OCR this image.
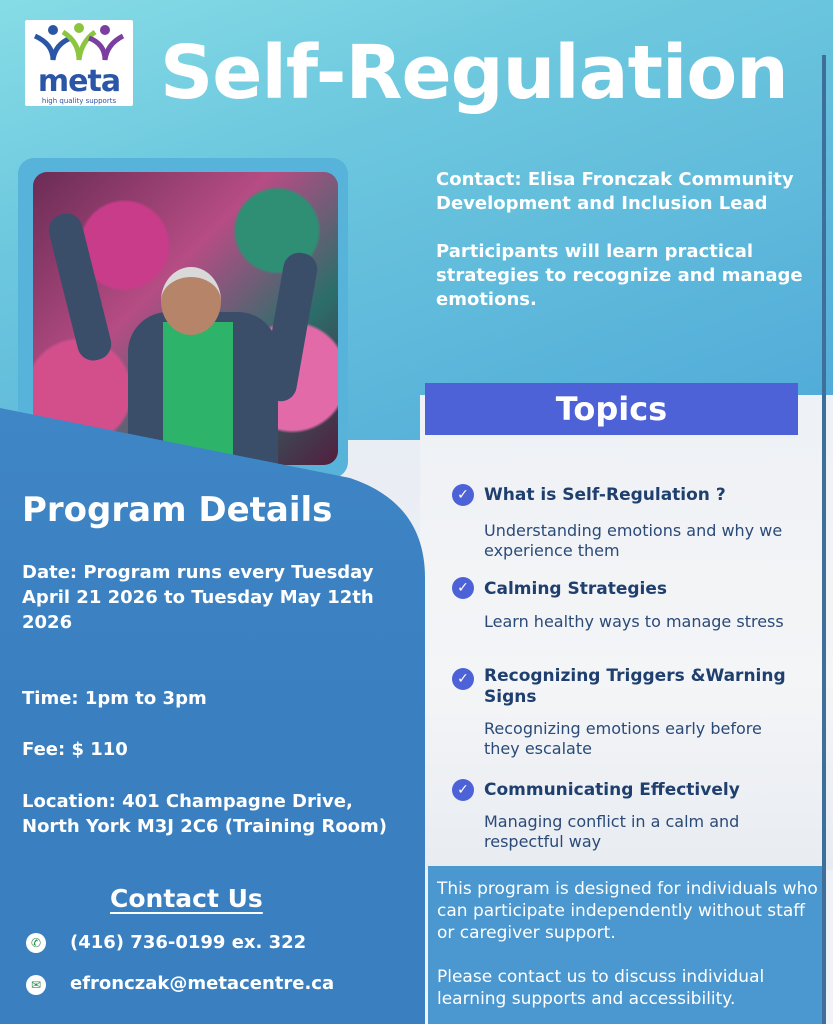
meta
high quality supports Self-Regulation

Contact: Elisa Fronczak Community Development and Inclusion Lead

Participants will learn practical strategies to recognize and manage emotions.

Topics
✓ What is Self-Regulation ?
Understanding emotions and why we experience them
✓ Calming Strategies
Learn healthy ways to manage stress
✓ Recognizing Triggers &Warning Signs
Recognizing emotions early before they escalate
✓ Communicating Effectively
Managing conflict in a calm and respectful way
Program Details
Date: Program runs every Tuesday April 21 2026 to Tuesday May 12th 2026
Time: 1pm to 3pm
Fee: $ 110
Location: 401 Champagne Drive, North York M3J 2C6 (Training Room)
Contact Us
✆ (416) 736-0199 ex. 322
✉ efronczak@metacentre.ca

This program is designed for individuals who can participate independently without staff or caregiver support.

Please contact us to discuss individual learning supports and accessibility.
